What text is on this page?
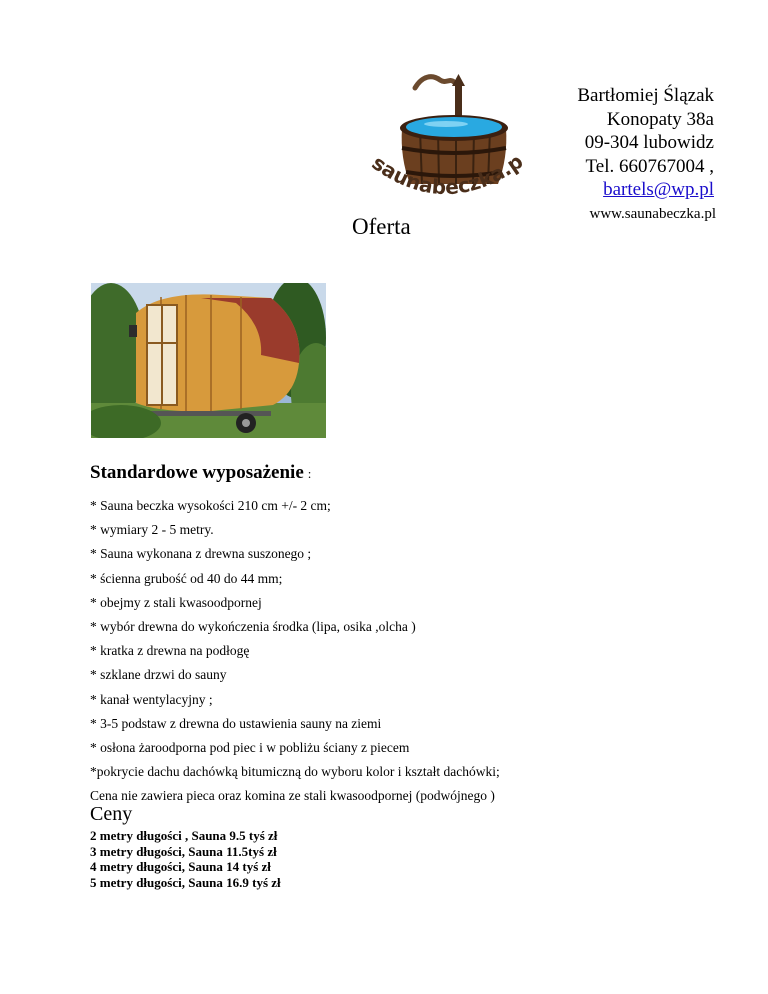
saunabeczka.p
Bartłomiej Ślązak
Konopaty 38a
09-304 lubowidz
Tel. 660767004 ,
bartels@wp.pl
www.saunabeczka.pl
Oferta
Standardowe wyposażenie :
* Sauna beczka wysokości 210 cm +/- 2 cm;
* wymiary 2 - 5 metry.
* Sauna wykonana z drewna suszonego ;
* ścienna grubość od 40 do 44 mm;
* obejmy z stali kwasoodpornej
* wybór drewna do wykończenia środka (lipa, osika ,olcha )
* kratka z drewna na podłogę
* szklane drzwi do sauny
* kanał wentylacyjny ;
* 3-5 podstaw z drewna do ustawienia sauny na ziemi
* osłona żaroodporna pod piec i w pobliżu ściany z piecem
*pokrycie dachu dachówką bitumiczną do wyboru kolor i kształt dachówki;
Cena nie zawiera pieca oraz komina ze stali kwasoodpornej (podwójnego )
Ceny
2 metry długości , Sauna 9.5 tyś zł
3 metry długości, Sauna 11.5tyś zł
4 metry długości, Sauna 14 tyś zł
5 metry długości, Sauna 16.9 tyś zł
